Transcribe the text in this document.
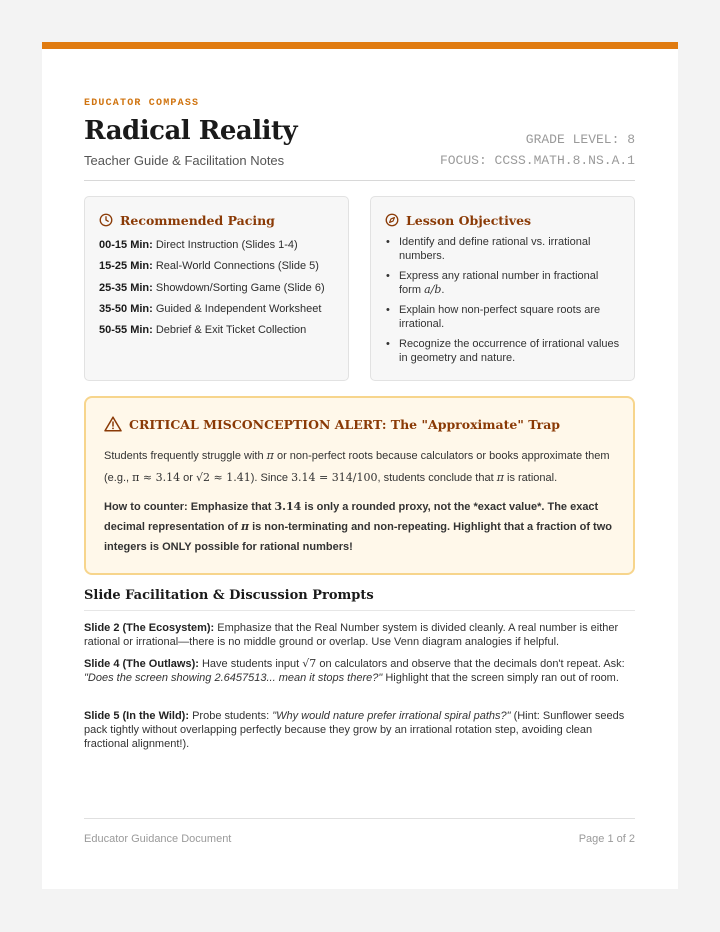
EDUCATOR COMPASS
Radical Reality
Teacher Guide & Facilitation Notes
GRADE LEVEL: 8
FOCUS: CCSS.MATH.8.NS.A.1
Recommended Pacing
00-15 Min: Direct Instruction (Slides 1-4)
15-25 Min: Real-World Connections (Slide 5)
25-35 Min: Showdown/Sorting Game (Slide 6)
35-50 Min: Guided & Independent Worksheet
50-55 Min: Debrief & Exit Ticket Collection
Lesson Objectives
• Identify and define rational vs. irrational numbers.
• Express any rational number in fractional form a/b.
• Explain how non-perfect square roots are irrational.
• Recognize the occurrence of irrational values in geometry and nature.
CRITICAL MISCONCEPTION ALERT: The "Approximate" Trap

Students frequently struggle with π or non-perfect roots because calculators or books approximate them (e.g., π ≈ 3.14 or √2 ≈ 1.41). Since 3.14 = 314/100, students conclude that π is rational.

How to counter: Emphasize that 3.14 is only a rounded proxy, not the *exact value*. The exact decimal representation of π is non-terminating and non-repeating. Highlight that a fraction of two integers is ONLY possible for rational numbers!

Slide Facilitation & Discussion Prompts

Slide 2 (The Ecosystem): Emphasize that the Real Number system is divided cleanly. A real number is either rational or irrational—there is no middle ground or overlap. Use Venn diagram analogies if helpful.

Slide 4 (The Outlaws): Have students input √7 on calculators and observe that the decimals don't repeat. Ask: "Does the screen showing 2.6457513... mean it stops there?" Highlight that the screen simply ran out of room.

Slide 5 (In the Wild): Probe students: "Why would nature prefer irrational spiral paths?" (Hint: Sunflower seeds pack tightly without overlapping perfectly because they grow by an irrational rotation step, avoiding clean fractional alignment!).

Educator Guidance Document	Page 1 of 2
